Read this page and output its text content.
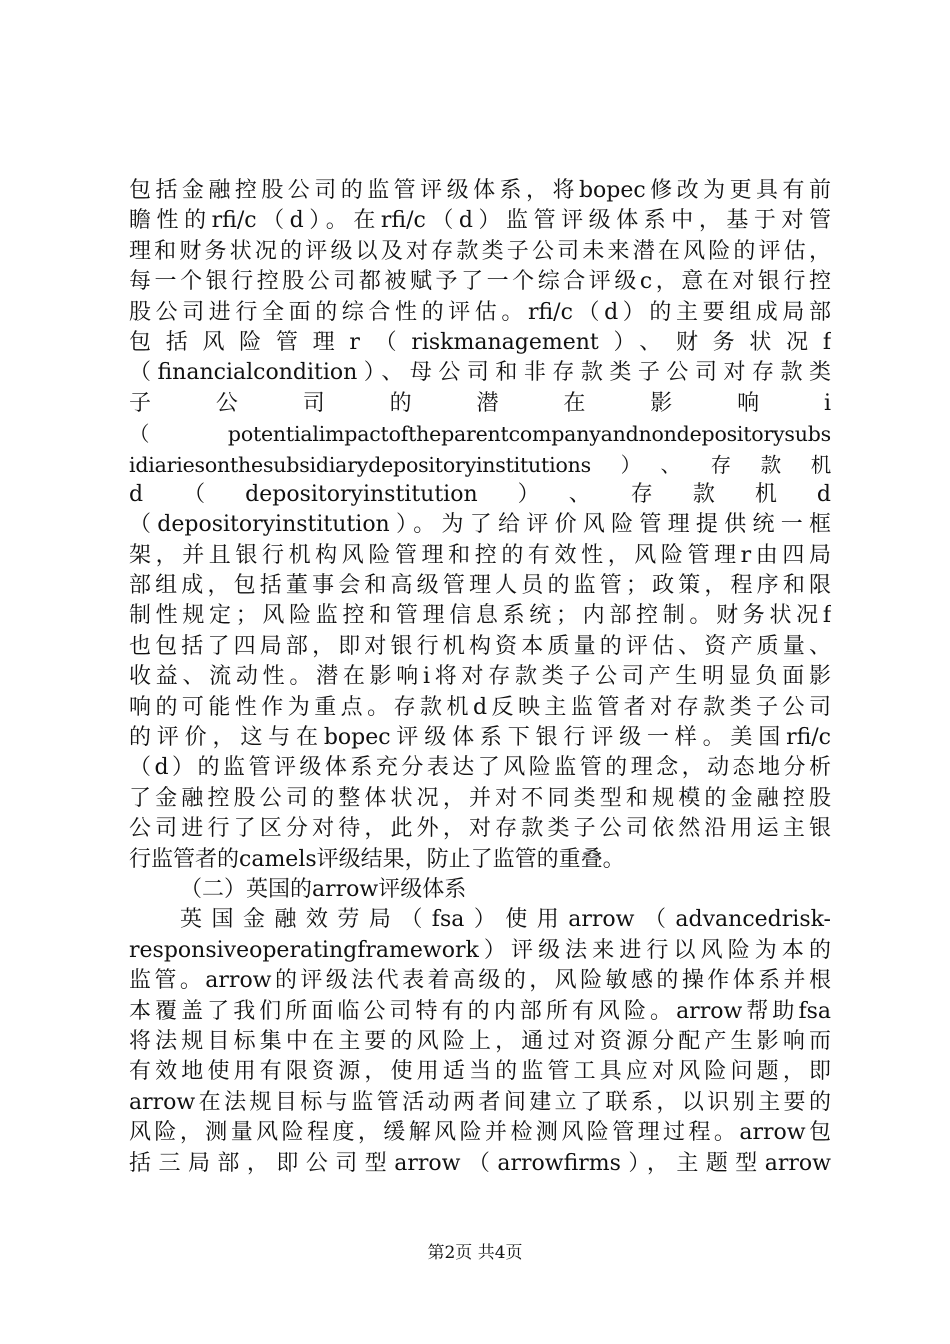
包括金融控股公司的监管评级体系，将bopec修改为更具有前
瞻性的rfi/c（d）。在rfi/c（d）监管评级体系中，基于对管
理和财务状况的评级以及对存款类子公司未来潜在风险的评估，
每一个银行控股公司都被赋予了一个综合评级c，意在对银行控
股公司进行全面的综合性的评估。rfi/c（d）的主要组成局部
包括风险管理r（riskmanagement）、财务状况f
（financialcondition）、母公司和非存款类子公司对存款类
子公司的潜在影响i
（potentialimpactoftheparentcompanyandnondepositorysubs
idiariesonthesubsidiarydepositoryinstitutions）、存款机
d（depositoryinstitution）、存款机d
（depositoryinstitution）。为了给评价风险管理提供统一框
架，并且银行机构风险管理和控的有效性，风险管理r由四局
部组成，包括董事会和高级管理人员的监管；政策，程序和限
制性规定；风险监控和管理信息系统；内部控制。财务状况f
也包括了四局部，即对银行机构资本质量的评估、资产质量、
收益、流动性。潜在影响i将对存款类子公司产生明显负面影
响的可能性作为重点。存款机d反映主监管者对存款类子公司
的评价，这与在bopec评级体系下银行评级一样。美国rfi/c
（d）的监管评级体系充分表达了风险监管的理念，动态地分析
了金融控股公司的整体状况，并对不同类型和规模的金融控股
公司进行了区分对待，此外，对存款类子公司依然沿用运主银
行监管者的camels评级结果，防止了监管的重叠。
（二）英国的arrow评级体系
英国金融效劳局（fsa）使用arrow（advancedrisk-
responsiveoperatingframework）评级法来进行以风险为本的
监管。arrow的评级法代表着高级的，风险敏感的操作体系并根
本覆盖了我们所面临公司特有的内部所有风险。arrow帮助fsa
将法规目标集中在主要的风险上，通过对资源分配产生影响而
有效地使用有限资源，使用适当的监管工具应对风险问题，即
arrow在法规目标与监管活动两者间建立了联系，以识别主要的
风险，测量风险程度，缓解风险并检测风险管理过程。arrow包
括三局部，即公司型arrow（arrowfirms），主题型arrow
第2页 共4页
